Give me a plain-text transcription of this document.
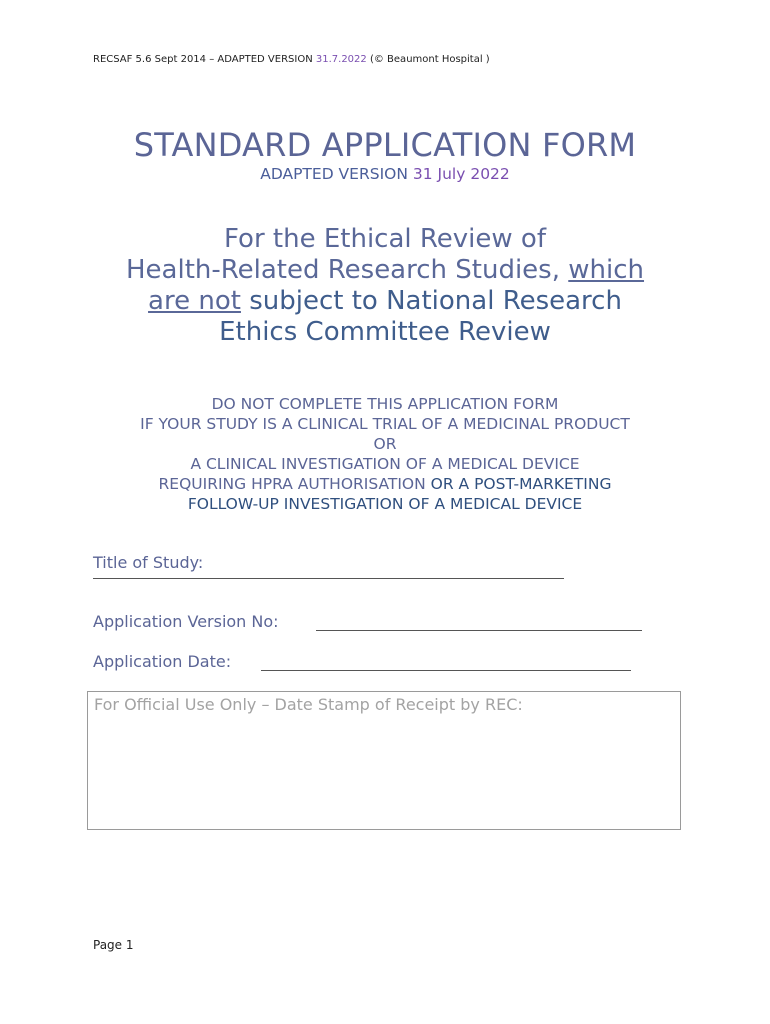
RECSAF 5.6 Sept 2014 – ADAPTED VERSION 31.7.2022 (© Beaumont Hospital )
STANDARD APPLICATION FORM
ADAPTED VERSION 31 July 2022
For the Ethical Review of
Health-Related Research Studies, which
are not subject to National Research
Ethics Committee Review
DO NOT COMPLETE THIS APPLICATION FORM
IF YOUR STUDY IS A CLINICAL TRIAL OF A MEDICINAL PRODUCT
OR
A CLINICAL INVESTIGATION OF A MEDICAL DEVICE
REQUIRING HPRA AUTHORISATION OR A POST-MARKETING
FOLLOW-UP INVESTIGATION OF A MEDICAL DEVICE
Title of Study:
Application Version No:
Application Date:
For Official Use Only – Date Stamp of Receipt by REC:
Page 1
